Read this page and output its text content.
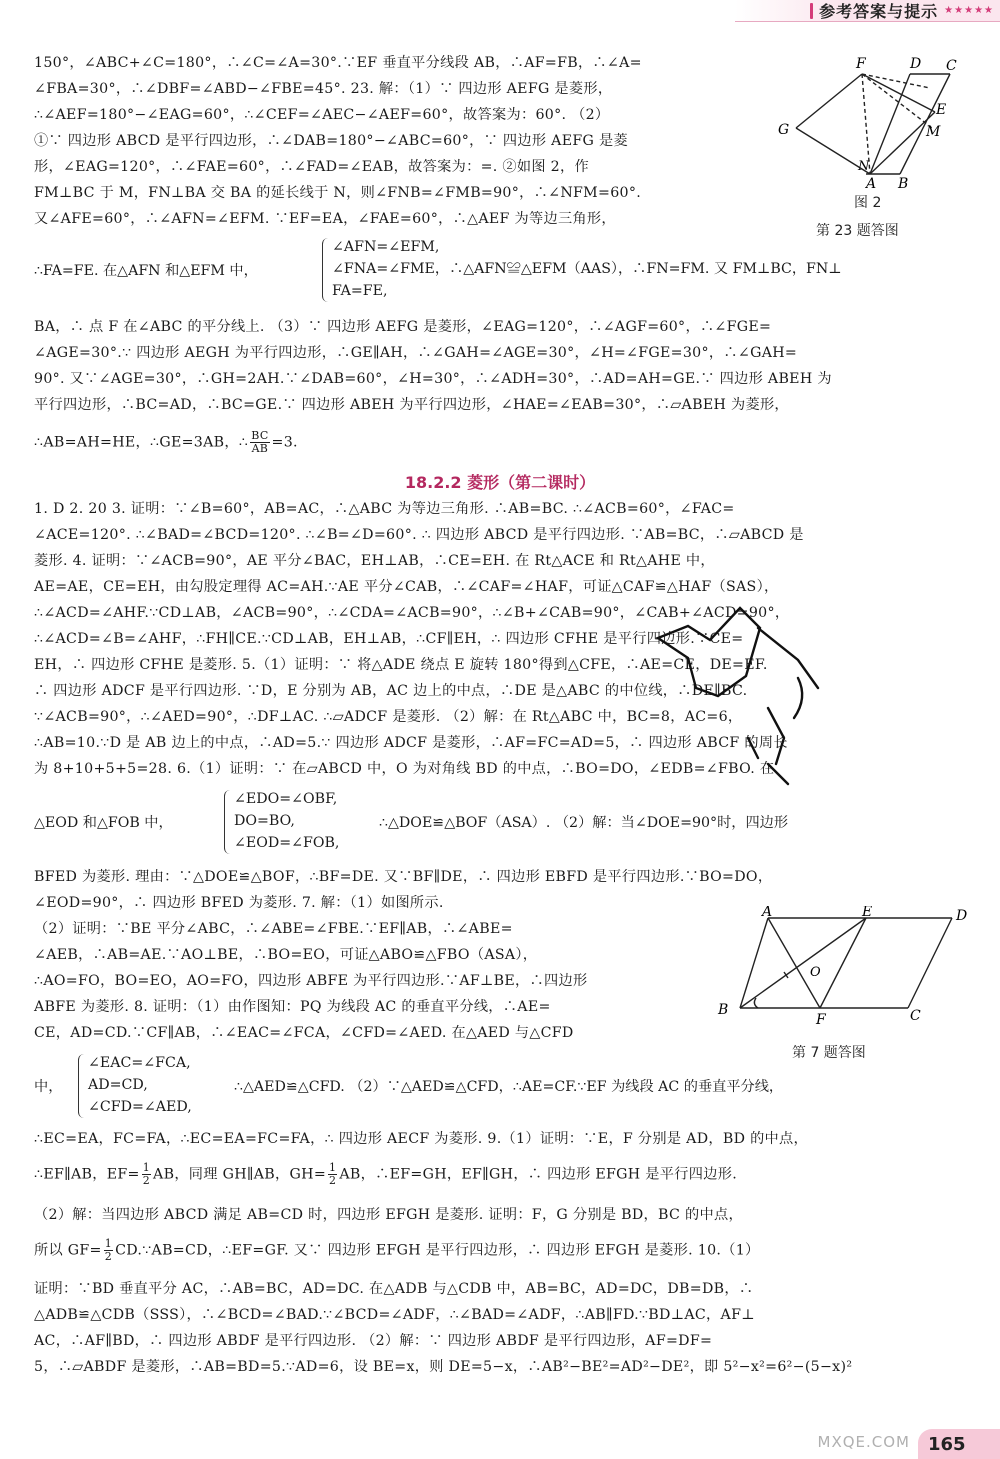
参考答案与提示 ★★★★★
150°，∠ABC+∠C=180°，∴∠C=∠A=30°.∵EF 垂直平分线段 AB，∴AF=FB，∴∠A=
∠FBA=30°，∴∠DBF=∠ABD−∠FBE=45°. 23. 解：（1）∵ 四边形 AEFG 是菱形，
∴∠AEF=180°−∠EAG=60°，∴∠CEF=∠AEC−∠AEF=60°，故答案为：60°. （2）
①∵ 四边形 ABCD 是平行四边形，∴∠DAB=180°−∠ABC=60°，∵ 四边形 AEFG 是菱
形，∠EAG=120°，∴∠FAE=60°，∴∠FAD=∠EAB，故答案为：=. ②如图 2，作
FM⊥BC 于 M，FN⊥BA 交 BA 的延长线于 N，则∠FNB=∠FMB=90°，∴∠NFM=60°.
又∠AFE=60°，∴∠AFN=∠EFM. ∵EF=EA，∠FAE=60°，∴△AEF 为等边三角形，
∴FA=FE. 在△AFN 和△EFM 中，
∠AFN=∠EFM,
∠FNA=∠FME，∴△AFN≌△EFM（AAS），∴FN=FM. 又 FM⊥BC，FN⊥
FA=FE,
BA，∴ 点 F 在∠ABC 的平分线上. （3）∵ 四边形 AEFG 是菱形，∠EAG=120°，∴∠AGF=60°，∴∠FGE=
∠AGE=30°.∵ 四边形 AEGH 为平行四边形，∴GE∥AH，∴∠GAH=∠AGE=30°，∠H=∠FGE=30°，∴∠GAH=
90°. 又∵∠AGE=30°，∴GH=2AH.∵∠DAB=60°，∠H=30°，∴∠ADH=30°，∴AD=AH=GE.∵ 四边形 ABEH 为
平行四边形，∴BC=AD，∴BC=GE.∵ 四边形 ABEH 为平行四边形，∠HAE=∠EAB=30°，∴▱ABEH 为菱形，
∴AB=AH=HE，∴GE=3AB，∴ $\frac{BC}{AB} =3$.
F	D C
G
E
M
N
A B
图 2
第 23 题答图
18.2.2 菱形（第二课时）
1. D 2. 20 3. 证明：∵∠B=60°，AB=AC，∴△ABC 为等边三角形. ∴AB=BC. ∴∠ACB=60°，∠FAC=
∠ACE=120°. ∴∠BAD=∠BCD=120°. ∴∠B=∠D=60°. ∴ 四边形 ABCD 是平行四边形. ∵AB=BC，∴▱ABCD 是
菱形. 4. 证明：∵∠ACB=90°，AE 平分∠BAC，EH⊥AB，∴CE=EH. 在 Rt△ACE 和 Rt△AHE 中，
AE=AE，CE=EH，由勾股定理得 AC=AH.∵AE 平分∠CAB，∴∠CAF=∠HAF，可证△CAF≌△HAF（SAS），
∴∠ACD=∠AHF.∵CD⊥AB，∠ACB=90°，∴∠CDA=∠ACB=90°，∴∠B+∠CAB=90°，∠CAB+∠ACD=90°，
∴∠ACD=∠B=∠AHF，∴FH∥CE.∵CD⊥AB，EH⊥AB，∴CF∥EH，∴ 四边形 CFHE 是平行四边形.∵CE=
EH，∴ 四边形 CFHE 是菱形. 5.（1）证明：∵ 将△ADE 绕点 E 旋转 180°得到△CFE，∴AE=CE，DE=EF.
∴ 四边形 ADCF 是平行四边形. ∵D，E 分别为 AB，AC 边上的中点，∴DE 是△ABC 的中位线，∴DE∥BC.
∵∠ACB=90°，∴∠AED=90°，∴DF⊥AC. ∴▱ADCF 是菱形. （2）解：在 Rt△ABC 中，BC=8，AC=6，
∴AB=10.∵D 是 AB 边上的中点，∴AD=5.∵ 四边形 ADCF 是菱形，∴AF=FC=AD=5，∴ 四边形 ABCF 的周长
为 8+10+5+5=28. 6.（1）证明：∵ 在▱ABCD 中，O 为对角线 BD 的中点，∴BO=DO，∠EDB=∠FBO. 在
△EOD 和△FOB 中，
∠EDO=∠OBF,
DO=BO,
∠EOD=∠FOB,
∴△DOE≌△BOF（ASA）. （2）解：当∠DOE=90°时，四边形
BFED 为菱形. 理由：∵△DOE≌△BOF，∴BF=DE. 又∵BF∥DE，∴ 四边形 EBFD 是平行四边形.∵BO=DO，
∠EOD=90°，∴ 四边形 BFED 为菱形. 7. 解：（1）如图所示.
（2）证明：∵BE 平分∠ABC，∴∠ABE=∠FBE.∵EF∥AB，∴∠ABE=
∠AEB，∴AB=AE.∵AO⊥BE，∴BO=EO，可证△ABO≌△FBO（ASA），
∴AO=FO，BO=EO，AO=FO，四边形 ABFE 为平行四边形.∵AF⊥BE，∴四边形
ABFE 为菱形. 8. 证明：（1）由作图知：PQ 为线段 AC 的垂直平分线，∴AE=
CE，AD=CD.∵CF∥AB，∴∠EAC=∠FCA，∠CFD=∠AED. 在△AED 与△CFD
A	E	D
O
B
F	C
第 7 题答图
中，
∠EAC=∠FCA,
AD=CD,
∠CFD=∠AED,
∴△AED≌△CFD. （2）∵△AED≌△CFD，∴AE=CF.∵EF 为线段 AC 的垂直平分线，
∴EC=EA，FC=FA，∴EC=EA=FC=FA，∴ 四边形 AECF 为菱形. 9.（1）证明：∵E，F 分别是 AD，BD 的中点，
∴EF∥AB，$EF= \frac{1}{2}$ AB，同理 GH∥AB，$GH= \frac{1}{2}$ AB，∴EF=GH，EF∥GH，∴ 四边形 EFGH 是平行四边形.
（2）解：当四边形 ABCD 满足 AB=CD 时，四边形 EFGH 是菱形. 证明：F，G 分别是 BD，BC 的中点，
所以 $GF= \frac{1}{2}$ CD.∵AB=CD，∴EF=GF. 又∵ 四边形 EFGH 是平行四边形，∴ 四边形 EFGH 是菱形. 10.（1）
证明：∵BD 垂直平分 AC，∴AB=BC，AD=DC. 在△ADB 与△CDB 中，AB=BC，AD=DC，DB=DB，∴
△ADB≌△CDB（SSS），∴∠BCD=∠BAD.∵∠BCD=∠ADF，∴∠BAD=∠ADF，∴AB∥FD.∵BD⊥AC，AF⊥
AC，∴AF∥BD，∴ 四边形 ABDF 是平行四边形. （2）解：∵ 四边形 ABDF 是平行四边形，AF=DF=
5，∴▱ABDF 是菱形，∴AB=BD=5.∵AD=6，设 BE=x，则 DE=5−x，∴AB²−BE²=AD²−DE²，即 5²−x²=6²−(5−x)²
MXQE.COM	165
